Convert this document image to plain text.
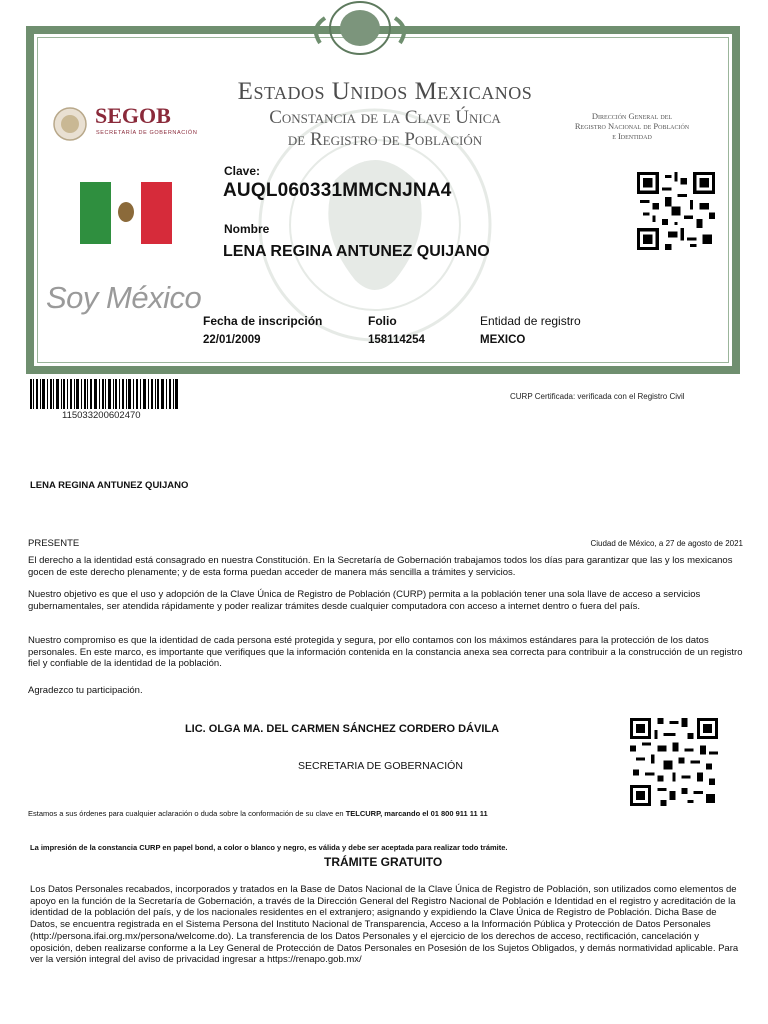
Estados Unidos Mexicanos
Constancia de la Clave Única
de Registro de Población
SEGOB
SECRETARÍA DE GOBERNACIÓN
Dirección General del
Registro Nacional de Población
e Identidad
Soy México
Clave:
AUQL060331MMCNJNA4
Nombre
LENA REGINA ANTUNEZ QUIJANO
Fecha de inscripción
22/01/2009
Folio
158114254
Entidad de registro
MEXICO
115033200602470
CURP Certificada: verificada con el Registro Civil
LENA REGINA ANTUNEZ QUIJANO
PRESENTE	Ciudad de México, a 27 de agosto de 2021
El derecho a la identidad está consagrado en nuestra Constitución. En la Secretaría de Gobernación trabajamos todos los días para garantizar que las y los mexicanos gocen de este derecho plenamente; y de esta forma puedan acceder de manera más sencilla a trámites y servicios.
Nuestro objetivo es que el uso y adopción de la Clave Única de Registro de Población (CURP) permita a la población tener una sola llave de acceso a servicios gubernamentales, ser atendida rápidamente y poder realizar trámites desde cualquier computadora con acceso a internet dentro o fuera del país.
Nuestro compromiso es que la identidad de cada persona esté protegida y segura, por ello contamos con los máximos estándares para la protección de los datos personales. En este marco, es importante que verifiques que la información contenida en la constancia anexa sea correcta para contribuir a la construcción de un registro fiel y confiable de la identidad de la población.
Agradezco tu participación.
LIC. OLGA MA. DEL CARMEN SÁNCHEZ CORDERO DÁVILA
SECRETARIA DE GOBERNACIÓN
Estamos a sus órdenes para cualquier aclaración o duda sobre la conformación de su clave en TELCURP, marcando el 01 800 911 11 11
La impresión de la constancia CURP en papel bond, a color o blanco y negro, es válida y debe ser aceptada para realizar todo trámite.
TRÁMITE GRATUITO
Los Datos Personales recabados, incorporados y tratados en la Base de Datos Nacional de la Clave Única de Registro de Población, son utilizados como elementos de apoyo en la función de la Secretaría de Gobernación, a través de la Dirección General del Registro Nacional de Población e Identidad en el registro y acreditación de la identidad de la población del país, y de los nacionales residentes en el extranjero; asignando y expidiendo la Clave Única de Registro de Población. Dicha Base de Datos, se encuentra registrada en el Sistema Persona del Instituto Nacional de Transparencia, Acceso a la Información Pública y Protección de Datos Personales (http://persona.ifai.org.mx/persona/welcome.do). La transferencia de los Datos Personales y el ejercicio de los derechos de acceso, rectificación, cancelación y oposición, deben realizarse conforme a la Ley General de Protección de Datos Personales en Posesión de los Sujetos Obligados, y demás normatividad aplicable. Para ver la versión integral del aviso de privacidad ingresar a https://renapo.gob.mx/
